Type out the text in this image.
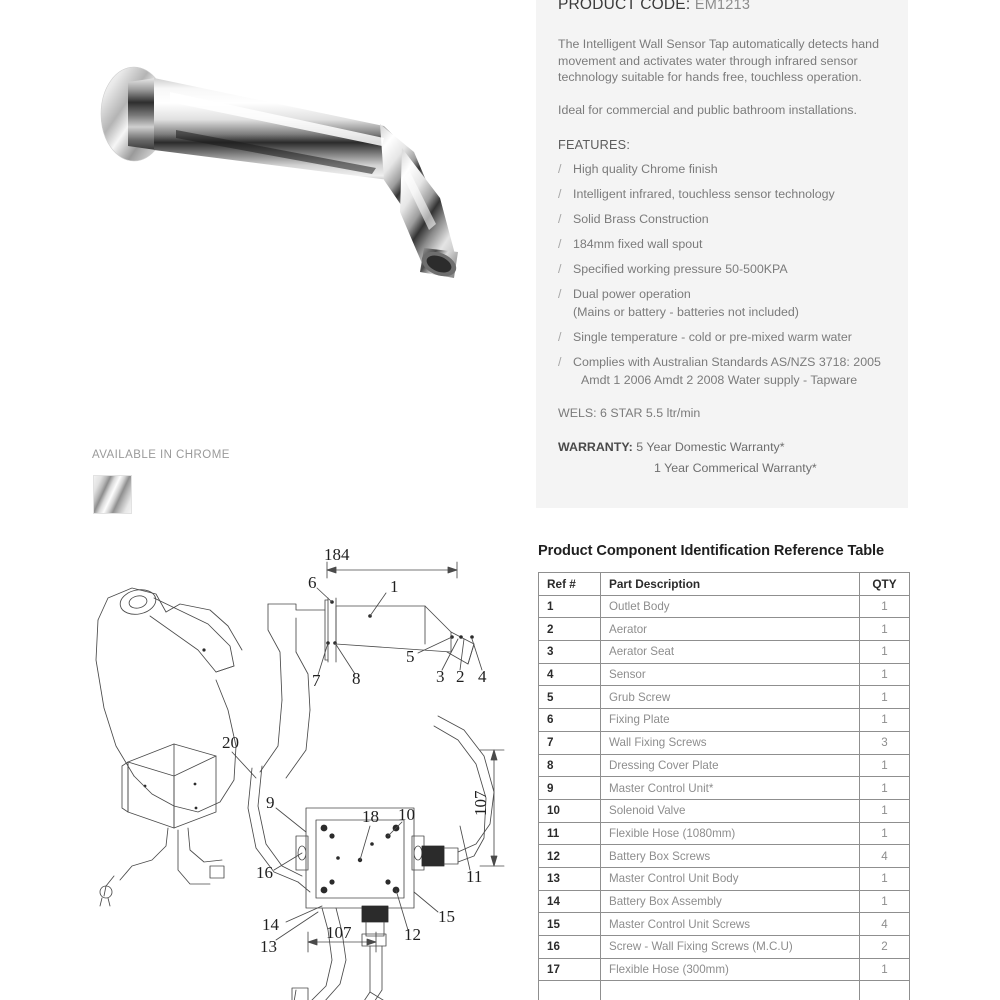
AVAILABLE IN CHROME
6	1
7 8
5
3 2 4
9
16
14
13
18 10
15
12
11
20
184
107
107
PRODUCT CODE: EM1213

The Intelligent Wall Sensor Tap automatically detects hand movement and activates water through infrared sensor technology suitable for hands free, touchless operation.

Ideal for commercial and public bathroom installations.

FEATURES:
/ High quality Chrome finish
/ Intelligent infrared, touchless sensor technology
/ Solid Brass Construction
/ 184mm fixed wall spout
/ Specified working pressure 50-500KPA
/ Dual power operation
(Mains or battery - batteries not included)
/ Single temperature - cold or pre-mixed warm water
/ Complies with Australian Standards AS/NZS 3718: 2005
Amdt 1 2006 Amdt 2 2008 Water supply - Tapware
WELS: 6 STAR 5.5 ltr/min
WARRANTY: 5 Year Domestic Warranty*
1 Year Commerical Warranty*
Product Component Identification Reference Table
Ref #	Part Description	QTY
1	Outlet Body	1
2	Aerator	1
3	Aerator Seat	1
4	Sensor	1
5	Grub Screw	1
6	Fixing Plate	1
7	Wall Fixing Screws	3
8	Dressing Cover Plate	1
9	Master Control Unit*	1
10	Solenoid Valve	1
11	Flexible Hose (1080mm)	1
12	Battery Box Screws	4
13	Master Control Unit Body	1
14	Battery Box Assembly	1
15	Master Control Unit Screws	4
16	Screw - Wall Fixing Screws (M.C.U)	2
17	Flexible Hose (300mm)	1
